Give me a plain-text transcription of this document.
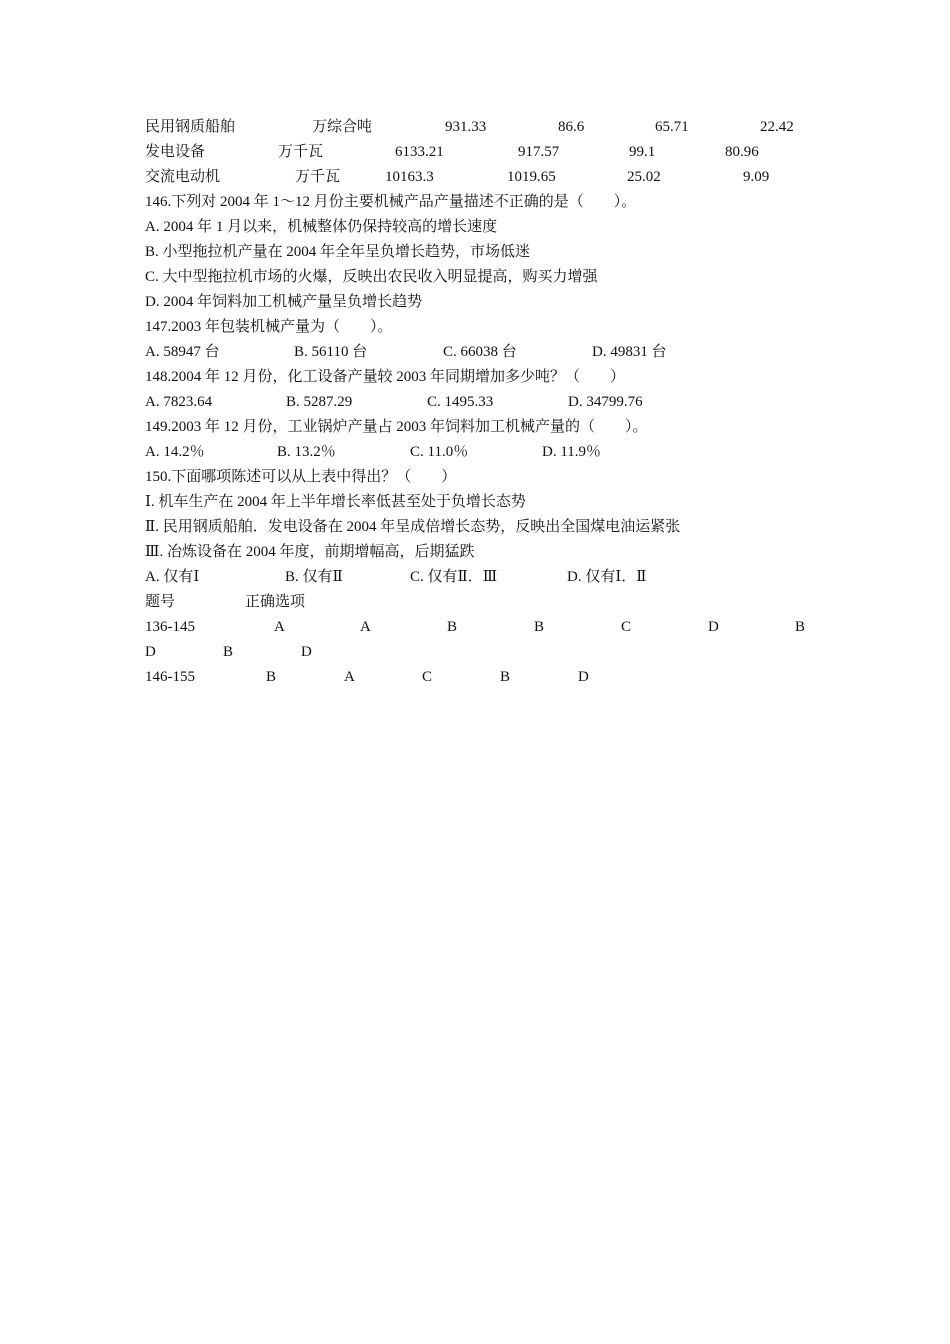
民用钢质船舶	万综合吨	931.33	86.6	65.71	22.42
发电设备	万千瓦	6133.21	917.57	99.1	80.96
交流电动机	万千瓦	10163.3	1019.65	25.02	9.09
146.下列对 2004 年 1～12 月份主要机械产品产量描述不正确的是（　　）。
A. 2004 年 1 月以来，机械整体仍保持较高的增长速度
B. 小型拖拉机产量在 2004 年全年呈负增长趋势，市场低迷
C. 大中型拖拉机市场的火爆，反映出农民收入明显提高，购买力增强
D. 2004 年饲料加工机械产量呈负增长趋势
147.2003 年包装机械产量为（　　）。
A. 58947 台	B. 56110 台	C. 66038 台	D. 49831 台
148.2004 年 12 月份，化工设备产量较 2003 年同期增加多少吨？（　　）
A. 7823.64	B. 5287.29	C. 1495.33	D. 34799.76
149.2003 年 12 月份，工业锅炉产量占 2003 年饲料加工机械产量的（　　）。
A. 14.2％	B. 13.2％	C. 11.0％	D. 11.9％
150.下面哪项陈述可以从上表中得出？（　　）
Ⅰ. 机车生产在 2004 年上半年增长率低甚至处于负增长态势
Ⅱ. 民用钢质船舶．发电设备在 2004 年呈成倍增长态势，反映出全国煤电油运紧张
Ⅲ. 冶炼设备在 2004 年度，前期增幅高，后期猛跌
A. 仅有Ⅰ	B. 仅有Ⅱ	C. 仅有Ⅱ．Ⅲ	D. 仅有Ⅰ．Ⅱ
题号	正确选项
136-145	A	A	B	B	C	D	B
D	B	D
146-155	B	A	C	B	D
